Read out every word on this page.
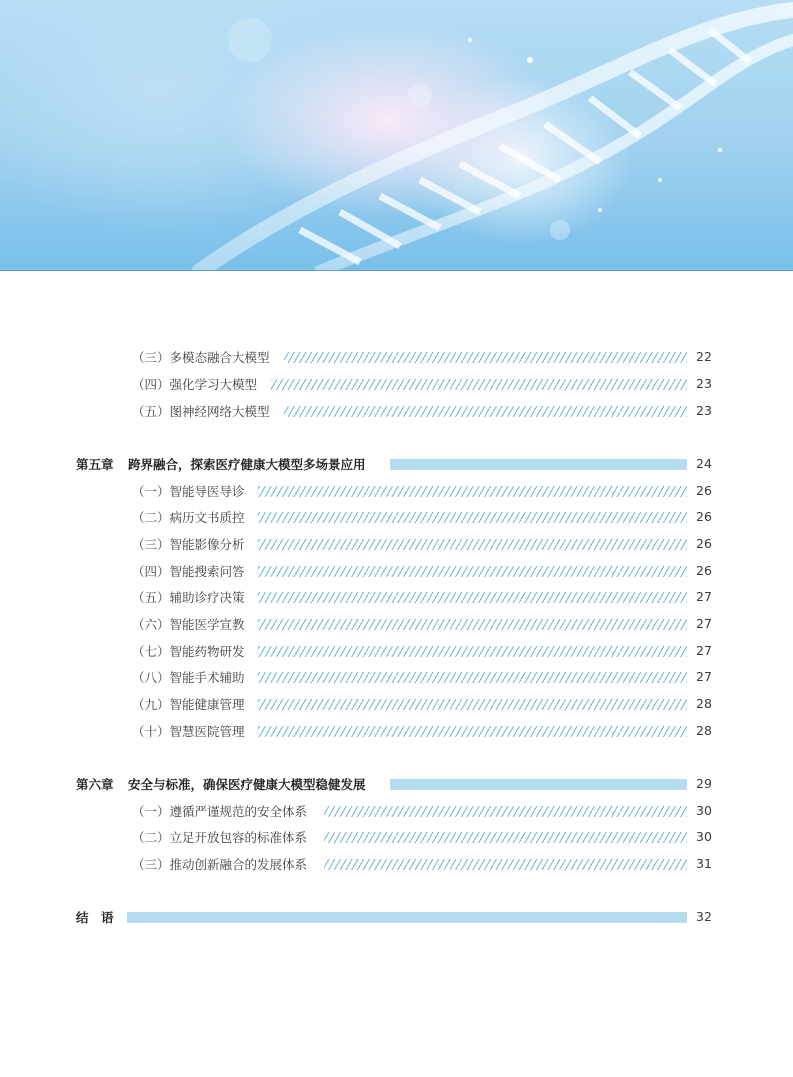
（三）多模态融合大模型	22
（四）强化学习大模型	23
（五）图神经网络大模型	23
第五章 跨界融合，探索医疗健康大模型多场景应用	24
（一）智能导医导诊	26
（二）病历文书质控	26
（三）智能影像分析	26
（四）智能搜索问答	26
（五）辅助诊疗决策	27
（六）智能医学宣教	27
（七）智能药物研发	27
（八）智能手术辅助	27
（九）智能健康管理	28
（十）智慧医院管理	28
第六章 安全与标准，确保医疗健康大模型稳健发展	29
（一）遵循严谨规范的安全体系	30
（二）立足开放包容的标准体系	30
（三）推动创新融合的发展体系	31
结　语	32
